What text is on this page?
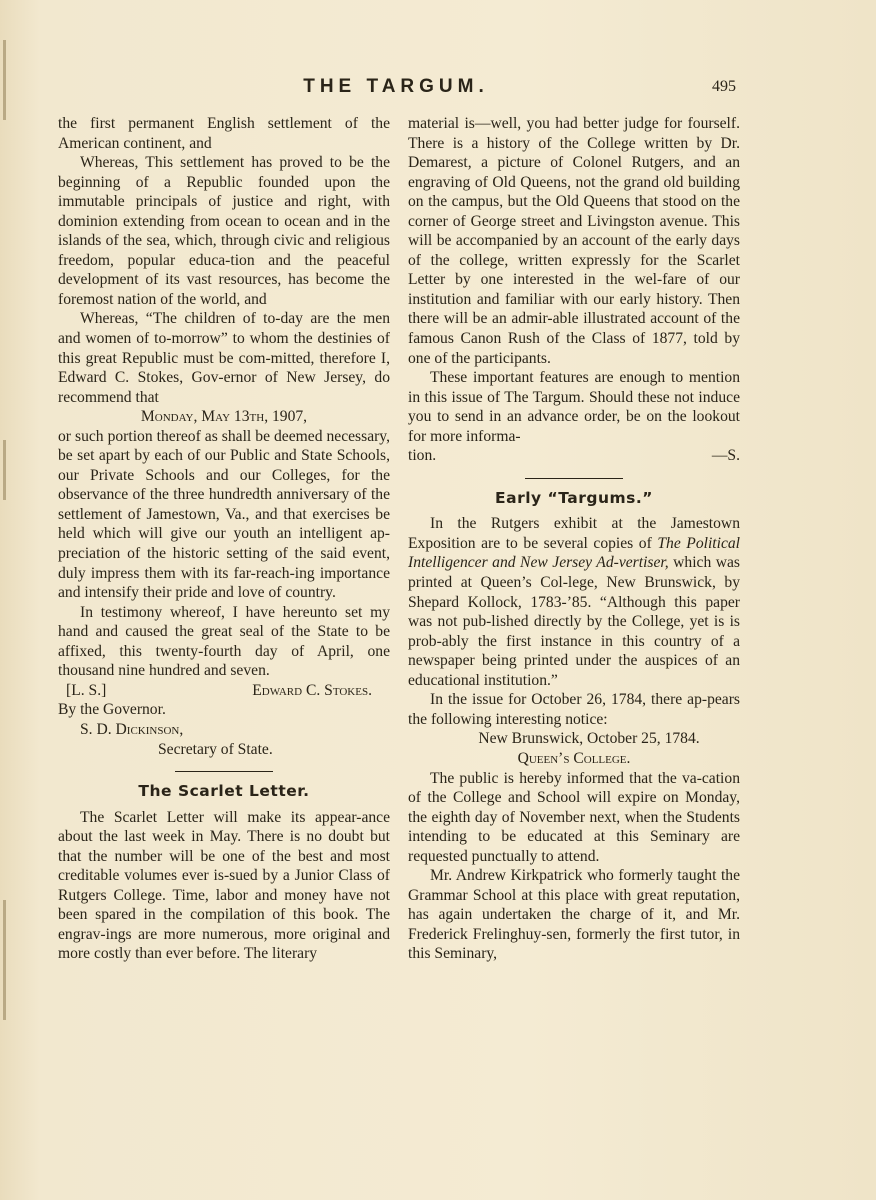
THE TARGUM.	495

the first permanent English settlement of the American continent, and

Whereas, This settlement has proved to be the beginning of a Republic founded upon the immutable principals of justice and right, with dominion extending from ocean to ocean and in the islands of the sea, which, through civic and religious freedom, popular educa-tion and the peaceful development of its vast resources, has become the foremost nation of the world, and

Whereas, “The children of to-day are the men and women of to-morrow” to whom the destinies of this great Republic must be com-mitted, therefore I, Edward C. Stokes, Gov-ernor of New Jersey, do recommend that

Monday, May 13th, 1907,

or such portion thereof as shall be deemed necessary, be set apart by each of our Public and State Schools, our Private Schools and our Colleges, for the observance of the three hundredth anniversary of the settlement of Jamestown, Va., and that exercises be held which will give our youth an intelligent ap-preciation of the historic setting of the said event, duly impress them with its far-reach-ing importance and intensify their pride and love of country.

In testimony whereof, I have hereunto set my hand and caused the great seal of the State to be affixed, this twenty-fourth day of April, one thousand nine hundred and seven.

[L. S.]	Edward C. Stokes.

By the Governor.

S. D. Dickinson,

Secretary of State.

The Scarlet Letter.

The Scarlet Letter will make its appear-ance about the last week in May. There is no doubt but that the number will be one of the best and most creditable volumes ever is-sued by a Junior Class of Rutgers College. Time, labor and money have not been spared in the compilation of this book. The engrav-ings are more numerous, more original and more costly than ever before. The literary

material is—well, you had better judge for fourself. There is a history of the College written by Dr. Demarest, a picture of Colonel Rutgers, and an engraving of Old Queens, not the grand old building on the campus, but the Old Queens that stood on the corner of George street and Livingston avenue. This will be accompanied by an account of the early days of the college, written expressly for the Scarlet Letter by one interested in the wel-fare of our institution and familiar with our early history. Then there will be an admir-able illustrated account of the famous Canon Rush of the Class of 1877, told by one of the participants.

These important features are enough to mention in this issue of The Targum. Should these not induce you to send in an advance order, be on the lookout for more informa-

tion.	—S.
Early “Targums.”

In the Rutgers exhibit at the Jamestown Exposition are to be several copies of The Political Intelligencer and New Jersey Ad-vertiser, which was printed at Queen’s Col-lege, New Brunswick, by Shepard Kollock, 1783-’85. “Although this paper was not pub-lished directly by the College, yet is is prob-ably the first instance in this country of a newspaper being printed under the auspices of an educational institution.”

In the issue for October 26, 1784, there ap-pears the following interesting notice:

New Brunswick, October 25, 1784.

Queen’s College.

The public is hereby informed that the va-cation of the College and School will expire on Monday, the eighth day of November next, when the Students intending to be educated at this Seminary are requested punctually to attend.

Mr. Andrew Kirkpatrick who formerly taught the Grammar School at this place with great reputation, has again undertaken the charge of it, and Mr. Frederick Frelinghuy-sen, formerly the first tutor, in this Seminary,
